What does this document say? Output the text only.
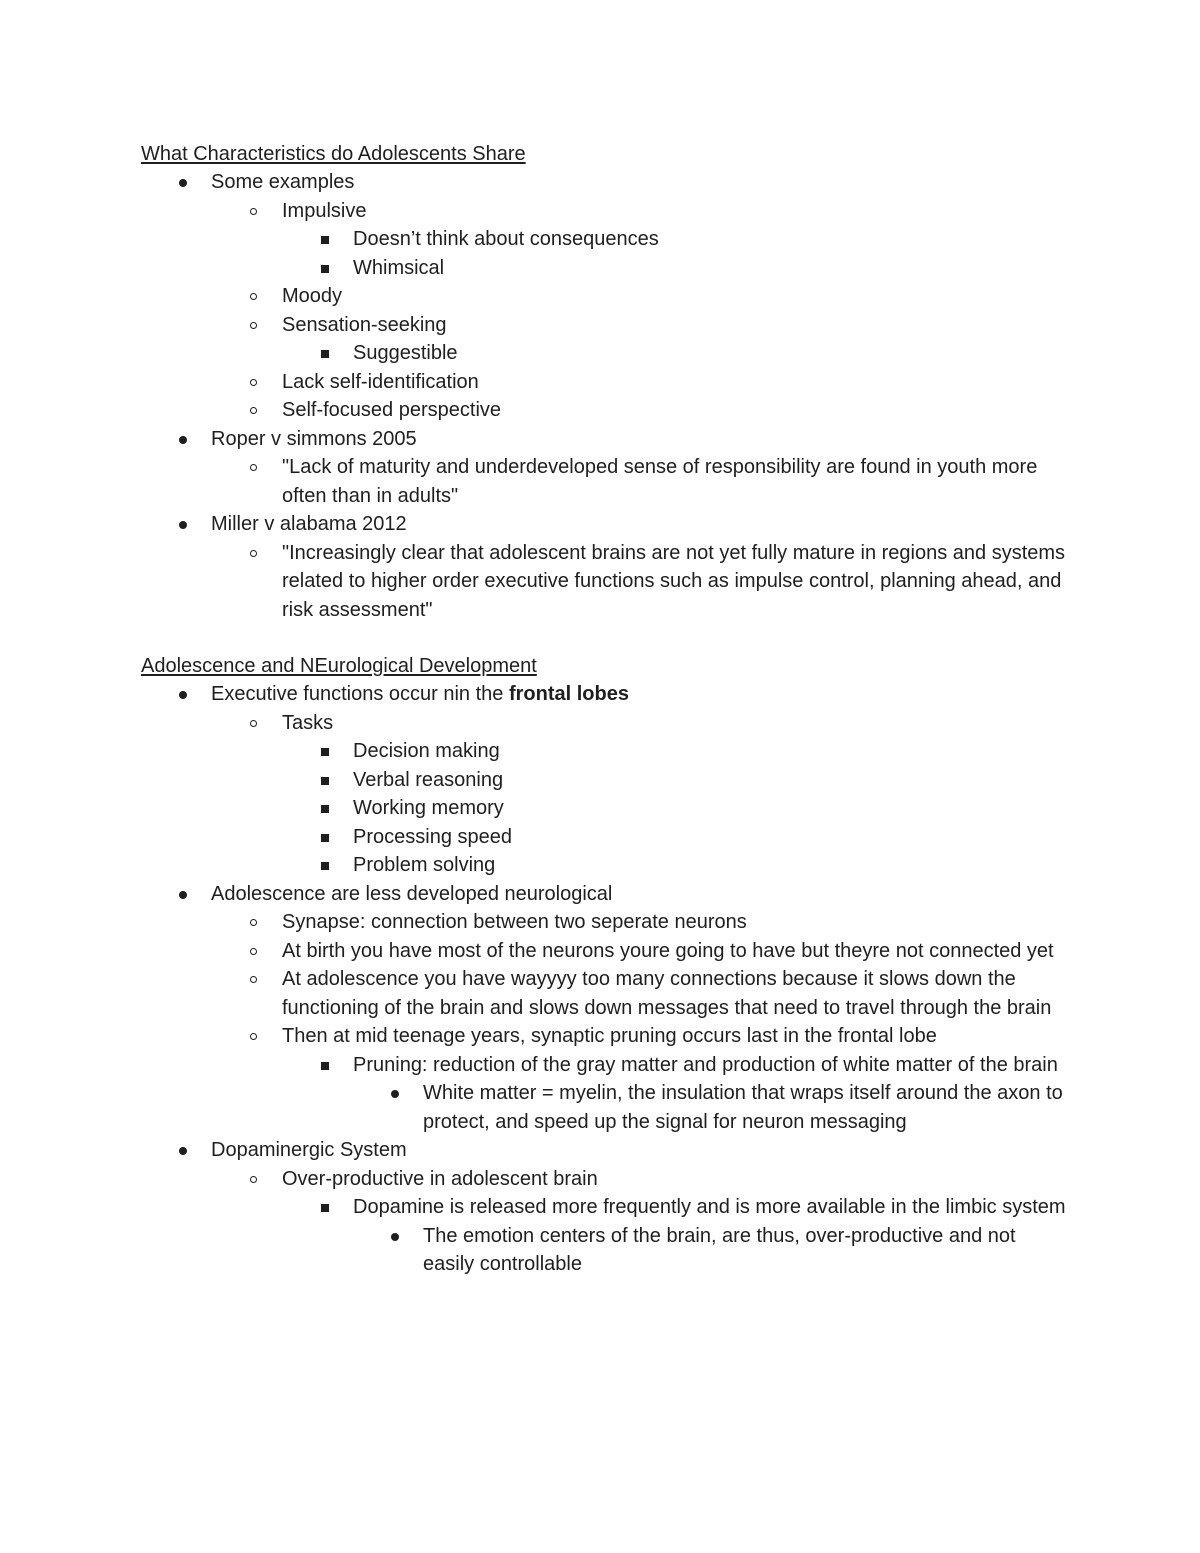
What Characteristics do Adolescents Share
Some examples
Impulsive
Doesn’t think about consequences
Whimsical
Moody
Sensation-seeking
Suggestible
Lack self-identification
Self-focused perspective
Roper v simmons 2005
"Lack of maturity and underdeveloped sense of responsibility are found in youth more often than in adults"
Miller v alabama 2012
"Increasingly clear that adolescent brains are not yet fully mature in regions and systems related to higher order executive functions such as impulse control, planning ahead, and risk assessment"
Adolescence and NEurological Development
Executive functions occur nin the frontal lobes
Tasks
Decision making
Verbal reasoning
Working memory
Processing speed
Problem solving
Adolescence are less developed neurological
Synapse: connection between two seperate neurons
At birth you have most of the neurons youre going to have but theyre not connected yet
At adolescence you have wayyyy too many connections because it slows down the functioning of the brain and slows down messages that need to travel through the brain
Then at mid teenage years, synaptic pruning occurs last in the frontal lobe
Pruning: reduction of the gray matter and production of white matter of the brain
White matter = myelin, the insulation that wraps itself around the axon to protect, and speed up the signal for neuron messaging
Dopaminergic System
Over-productive in adolescent brain
Dopamine is released more frequently and is more available in the limbic system
The emotion centers of the brain, are thus, over-productive and not easily controllable
